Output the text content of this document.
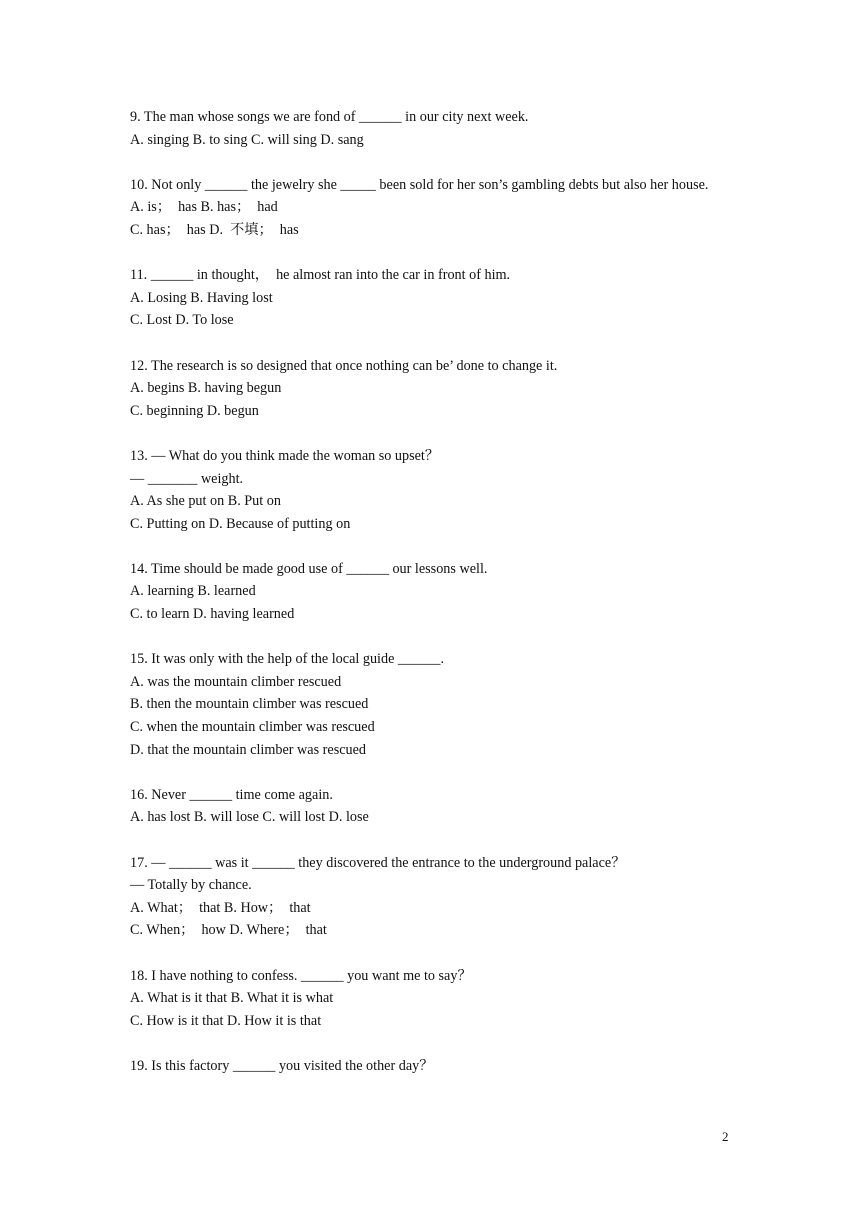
9. The man whose songs we are fond of ______ in our city next week.
A. singing B. to sing C. will sing D. sang
10. Not only ______ the jewelry she _____ been sold for her son’s gambling debts but also her house.
A. is；　has B. has；　had
C. has；　has D.  不填；　has
11. ______ in thought，　he almost ran into the car in front of him.
A. Losing B. Having lost
C. Lost D. To lose
12. The research is so designed that once nothing can be’ done to change it.
A. begins B. having begun
C. beginning D. begun
13. — What do you think made the woman so upset？
— _______ weight.
A. As she put on B. Put on
C. Putting on D. Because of putting on
14. Time should be made good use of ______ our lessons well.
A. learning B. learned
C. to learn D. having learned
15. It was only with the help of the local guide ______.
A. was the mountain climber rescued
B. then the mountain climber was rescued
C. when the mountain climber was rescued
D. that the mountain climber was rescued
16. Never ______ time come again.
A. has lost B. will lose C. will lost D. lose
17. — ______ was it ______ they discovered the entrance to the underground palace？
— Totally by chance.
A. What；　that B. How；　that
C. When；　how D. Where；　that
18. I have nothing to confess. ______ you want me to say？
A. What is it that B. What it is what
C. How is it that D. How it is that
19. Is this factory ______ you visited the other day？
2
